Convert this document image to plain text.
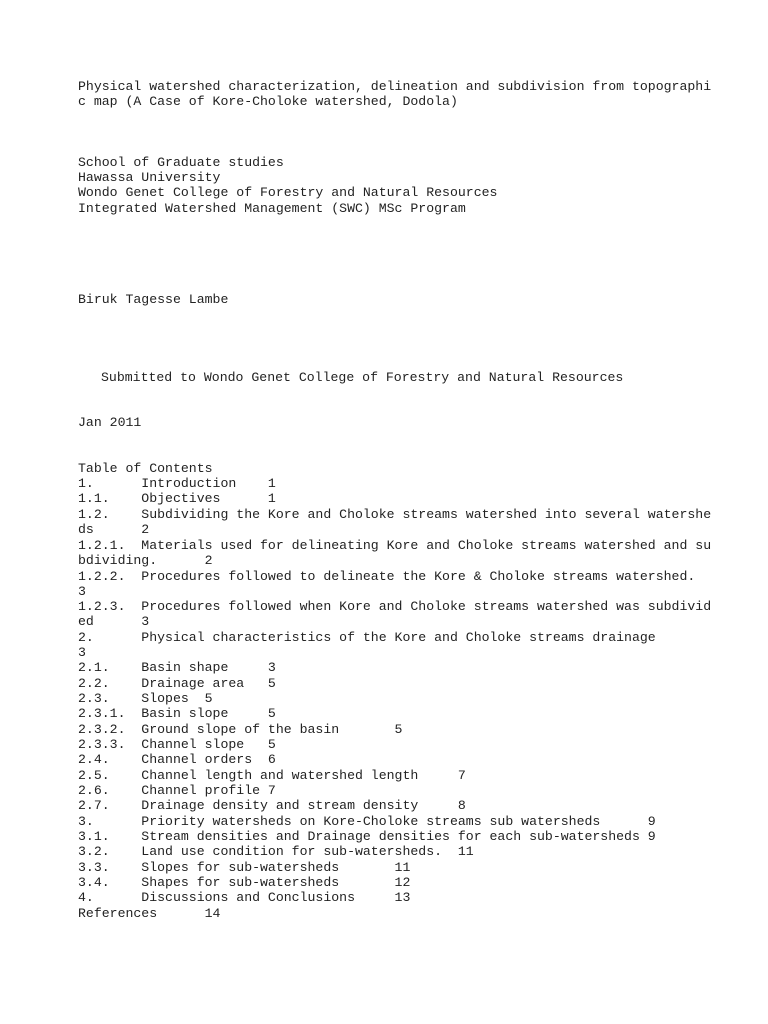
Physical watershed characterization, delineation and subdivision from topographi

c map (A Case of Kore-Choloke watershed, Dodola)

School of Graduate studies

Hawassa University

Wondo Genet College of Forestry and Natural Resources

Integrated Watershed Management (SWC) MSc Program

Biruk Tagesse Lambe

Submitted to Wondo Genet College of Forestry and Natural Resources

Jan 2011

Table of Contents

1.      Introduction    1

1.1.    Objectives      1

1.2.    Subdividing the Kore and Choloke streams watershed into several watershe

ds      2

1.2.1.  Materials used for delineating Kore and Choloke streams watershed and su

bdividing.      2

1.2.2.  Procedures followed to delineate the Kore & Choloke streams watershed.

3

1.2.3.  Procedures followed when Kore and Choloke streams watershed was subdivid

ed      3

2.      Physical characteristics of the Kore and Choloke streams drainage

3

2.1.    Basin shape     3

2.2.    Drainage area   5

2.3.    Slopes  5

2.3.1.  Basin slope     5

2.3.2.  Ground slope of the basin       5

2.3.3.  Channel slope   5

2.4.    Channel orders  6

2.5.    Channel length and watershed length     7

2.6.    Channel profile 7

2.7.    Drainage density and stream density     8

3.      Priority watersheds on Kore-Choloke streams sub watersheds      9

3.1.    Stream densities and Drainage densities for each sub-watersheds 9

3.2.    Land use condition for sub-watersheds.  11

3.3.    Slopes for sub-watersheds       11

3.4.    Shapes for sub-watersheds       12

4.      Discussions and Conclusions     13

References      14
